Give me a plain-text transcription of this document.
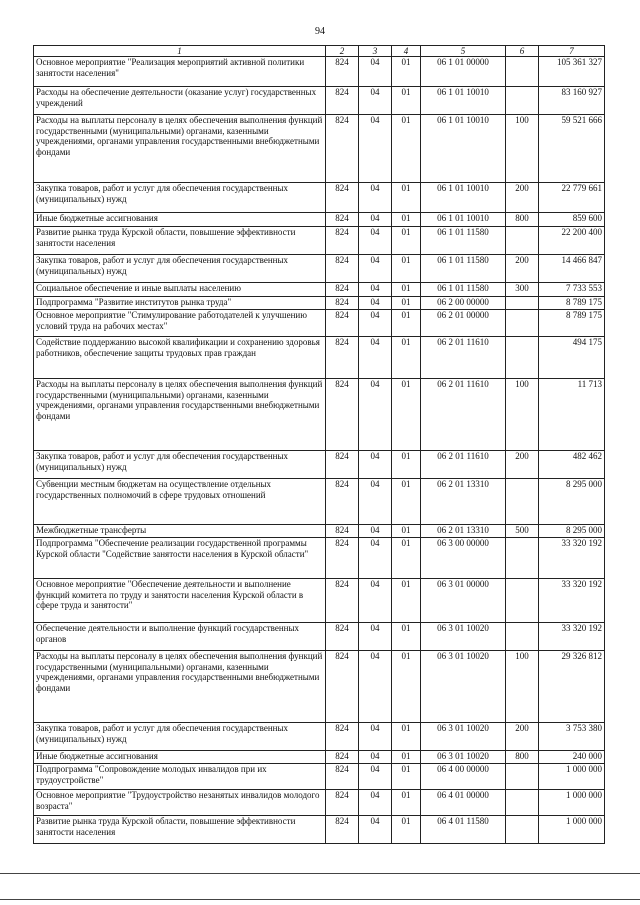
94
1	2	3	4	5	6	7
Основное мероприятие "Реализация мероприятий активной политики занятости населения"	824	04	01	06 1 01 00000		105 361 327
Расходы на обеспечение деятельности (оказание услуг) государственных учреждений	824	04	01	06 1 01 10010		83 160 927
Расходы на выплаты персоналу в целях обеспечения выполнения функций государственными (муниципальными) органами, казенными учреждениями, органами управления государственными внебюджетными фондами	824	04	01	06 1 01 10010	100	59 521 666
Закупка товаров, работ и услуг для обеспечения государственных (муниципальных) нужд	824	04	01	06 1 01 10010	200	22 779 661
Иные бюджетные ассигнования	824	04	01	06 1 01 10010	800	859 600
Развитие рынка труда Курской области, повышение эффективности занятости населения	824	04	01	06 1 01 11580		22 200 400
Закупка товаров, работ и услуг для обеспечения государственных (муниципальных) нужд	824	04	01	06 1 01 11580	200	14 466 847
Социальное обеспечение и иные выплаты населению	824	04	01	06 1 01 11580	300	7 733 553
Подпрограмма "Развитие институтов рынка труда"	824	04	01	06 2 00 00000		8 789 175
Основное мероприятие "Стимулирование работодателей к улучшению условий труда на рабочих местах"	824	04	01	06 2 01 00000		8 789 175
Содействие поддержанию высокой квалификации и сохранению здоровья работников, обеспечение защиты трудовых прав граждан	824	04	01	06 2 01 11610		494 175
Расходы на выплаты персоналу в целях обеспечения выполнения функций государственными (муниципальными) органами, казенными учреждениями, органами управления государственными внебюджетными фондами	824	04	01	06 2 01 11610	100	11 713
Закупка товаров, работ и услуг для обеспечения государственных (муниципальных) нужд	824	04	01	06 2 01 11610	200	482 462
Субвенции местным бюджетам на осуществление отдельных государственных полномочий в сфере трудовых отношений	824	04	01	06 2 01 13310		8 295 000
Межбюджетные трансферты	824	04	01	06 2 01 13310	500	8 295 000
Подпрограмма "Обеспечение реализации государственной программы Курской области "Содействие занятости населения в Курской области"	824	04	01	06 3 00 00000		33 320 192
Основное мероприятие "Обеспечение деятельности и выполнение функций комитета по труду и занятости населения Курской области в сфере труда и занятости"	824	04	01	06 3 01 00000		33 320 192
Обеспечение деятельности и выполнение функций государственных органов	824	04	01	06 3 01 10020		33 320 192
Расходы на выплаты персоналу в целях обеспечения выполнения функций государственными (муниципальными) органами, казенными учреждениями, органами управления государственными внебюджетными фондами	824	04	01	06 3 01 10020	100	29 326 812
Закупка товаров, работ и услуг для обеспечения государственных (муниципальных) нужд	824	04	01	06 3 01 10020	200	3 753 380
Иные бюджетные ассигнования	824	04	01	06 3 01 10020	800	240 000
Подпрограмма "Сопровождение молодых инвалидов при их трудоустройстве"	824	04	01	06 4 00 00000		1 000 000
Основное мероприятие "Трудоустройство незанятых инвалидов молодого возраста"	824	04	01	06 4 01 00000		1 000 000
Развитие рынка труда Курской области, повышение эффективности занятости населения	824	04	01	06 4 01 11580		1 000 000
